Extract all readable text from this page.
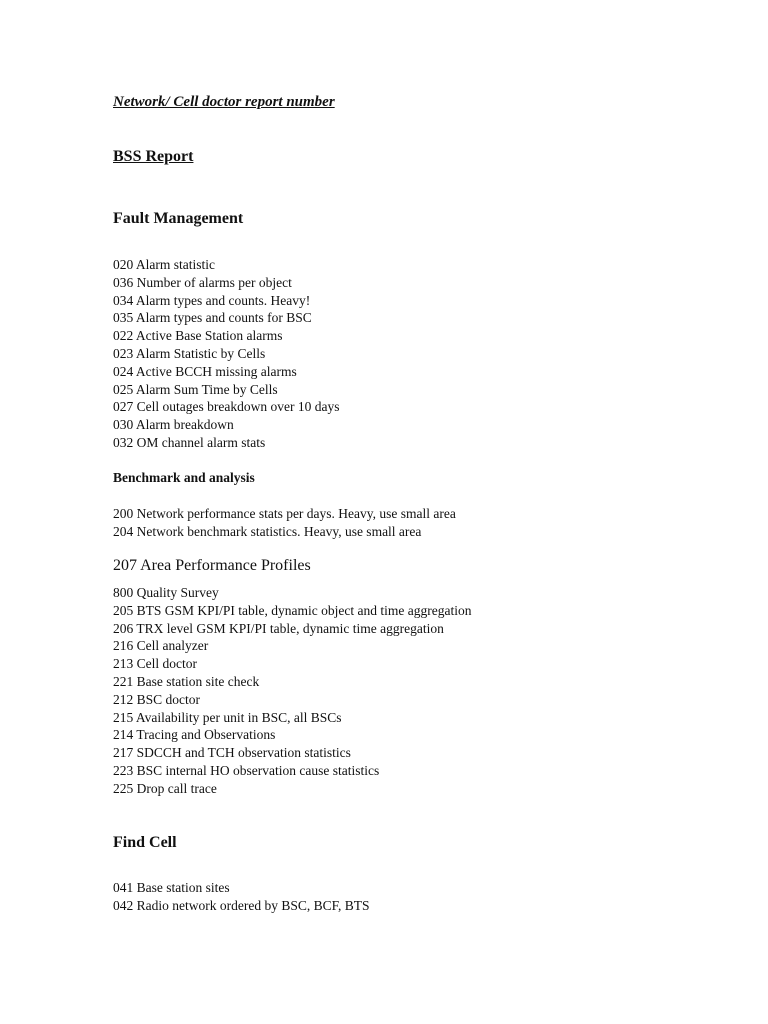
Network/ Cell doctor report number

BSS Report

Fault Management

020 Alarm statistic
036 Number of alarms per object
034 Alarm types and counts. Heavy!
035 Alarm types and counts for BSC
022 Active Base Station alarms
023 Alarm Statistic by Cells
024 Active BCCH missing alarms
025 Alarm Sum Time by Cells
027 Cell outages breakdown over 10 days
030 Alarm breakdown
032 OM channel alarm stats

Benchmark and analysis

200 Network performance stats per days. Heavy, use small area
204 Network benchmark statistics. Heavy, use small area

207 Area Performance Profiles

800 Quality Survey
205 BTS GSM KPI/PI table, dynamic object and time aggregation
206 TRX level GSM KPI/PI table, dynamic time aggregation
216 Cell analyzer
213 Cell doctor
221 Base station site check
212 BSC doctor
215 Availability per unit in BSC, all BSCs
214 Tracing and Observations
217 SDCCH and TCH observation statistics
223 BSC internal HO observation cause statistics
225 Drop call trace

Find Cell

041 Base station sites
042 Radio network ordered by BSC, BCF, BTS
